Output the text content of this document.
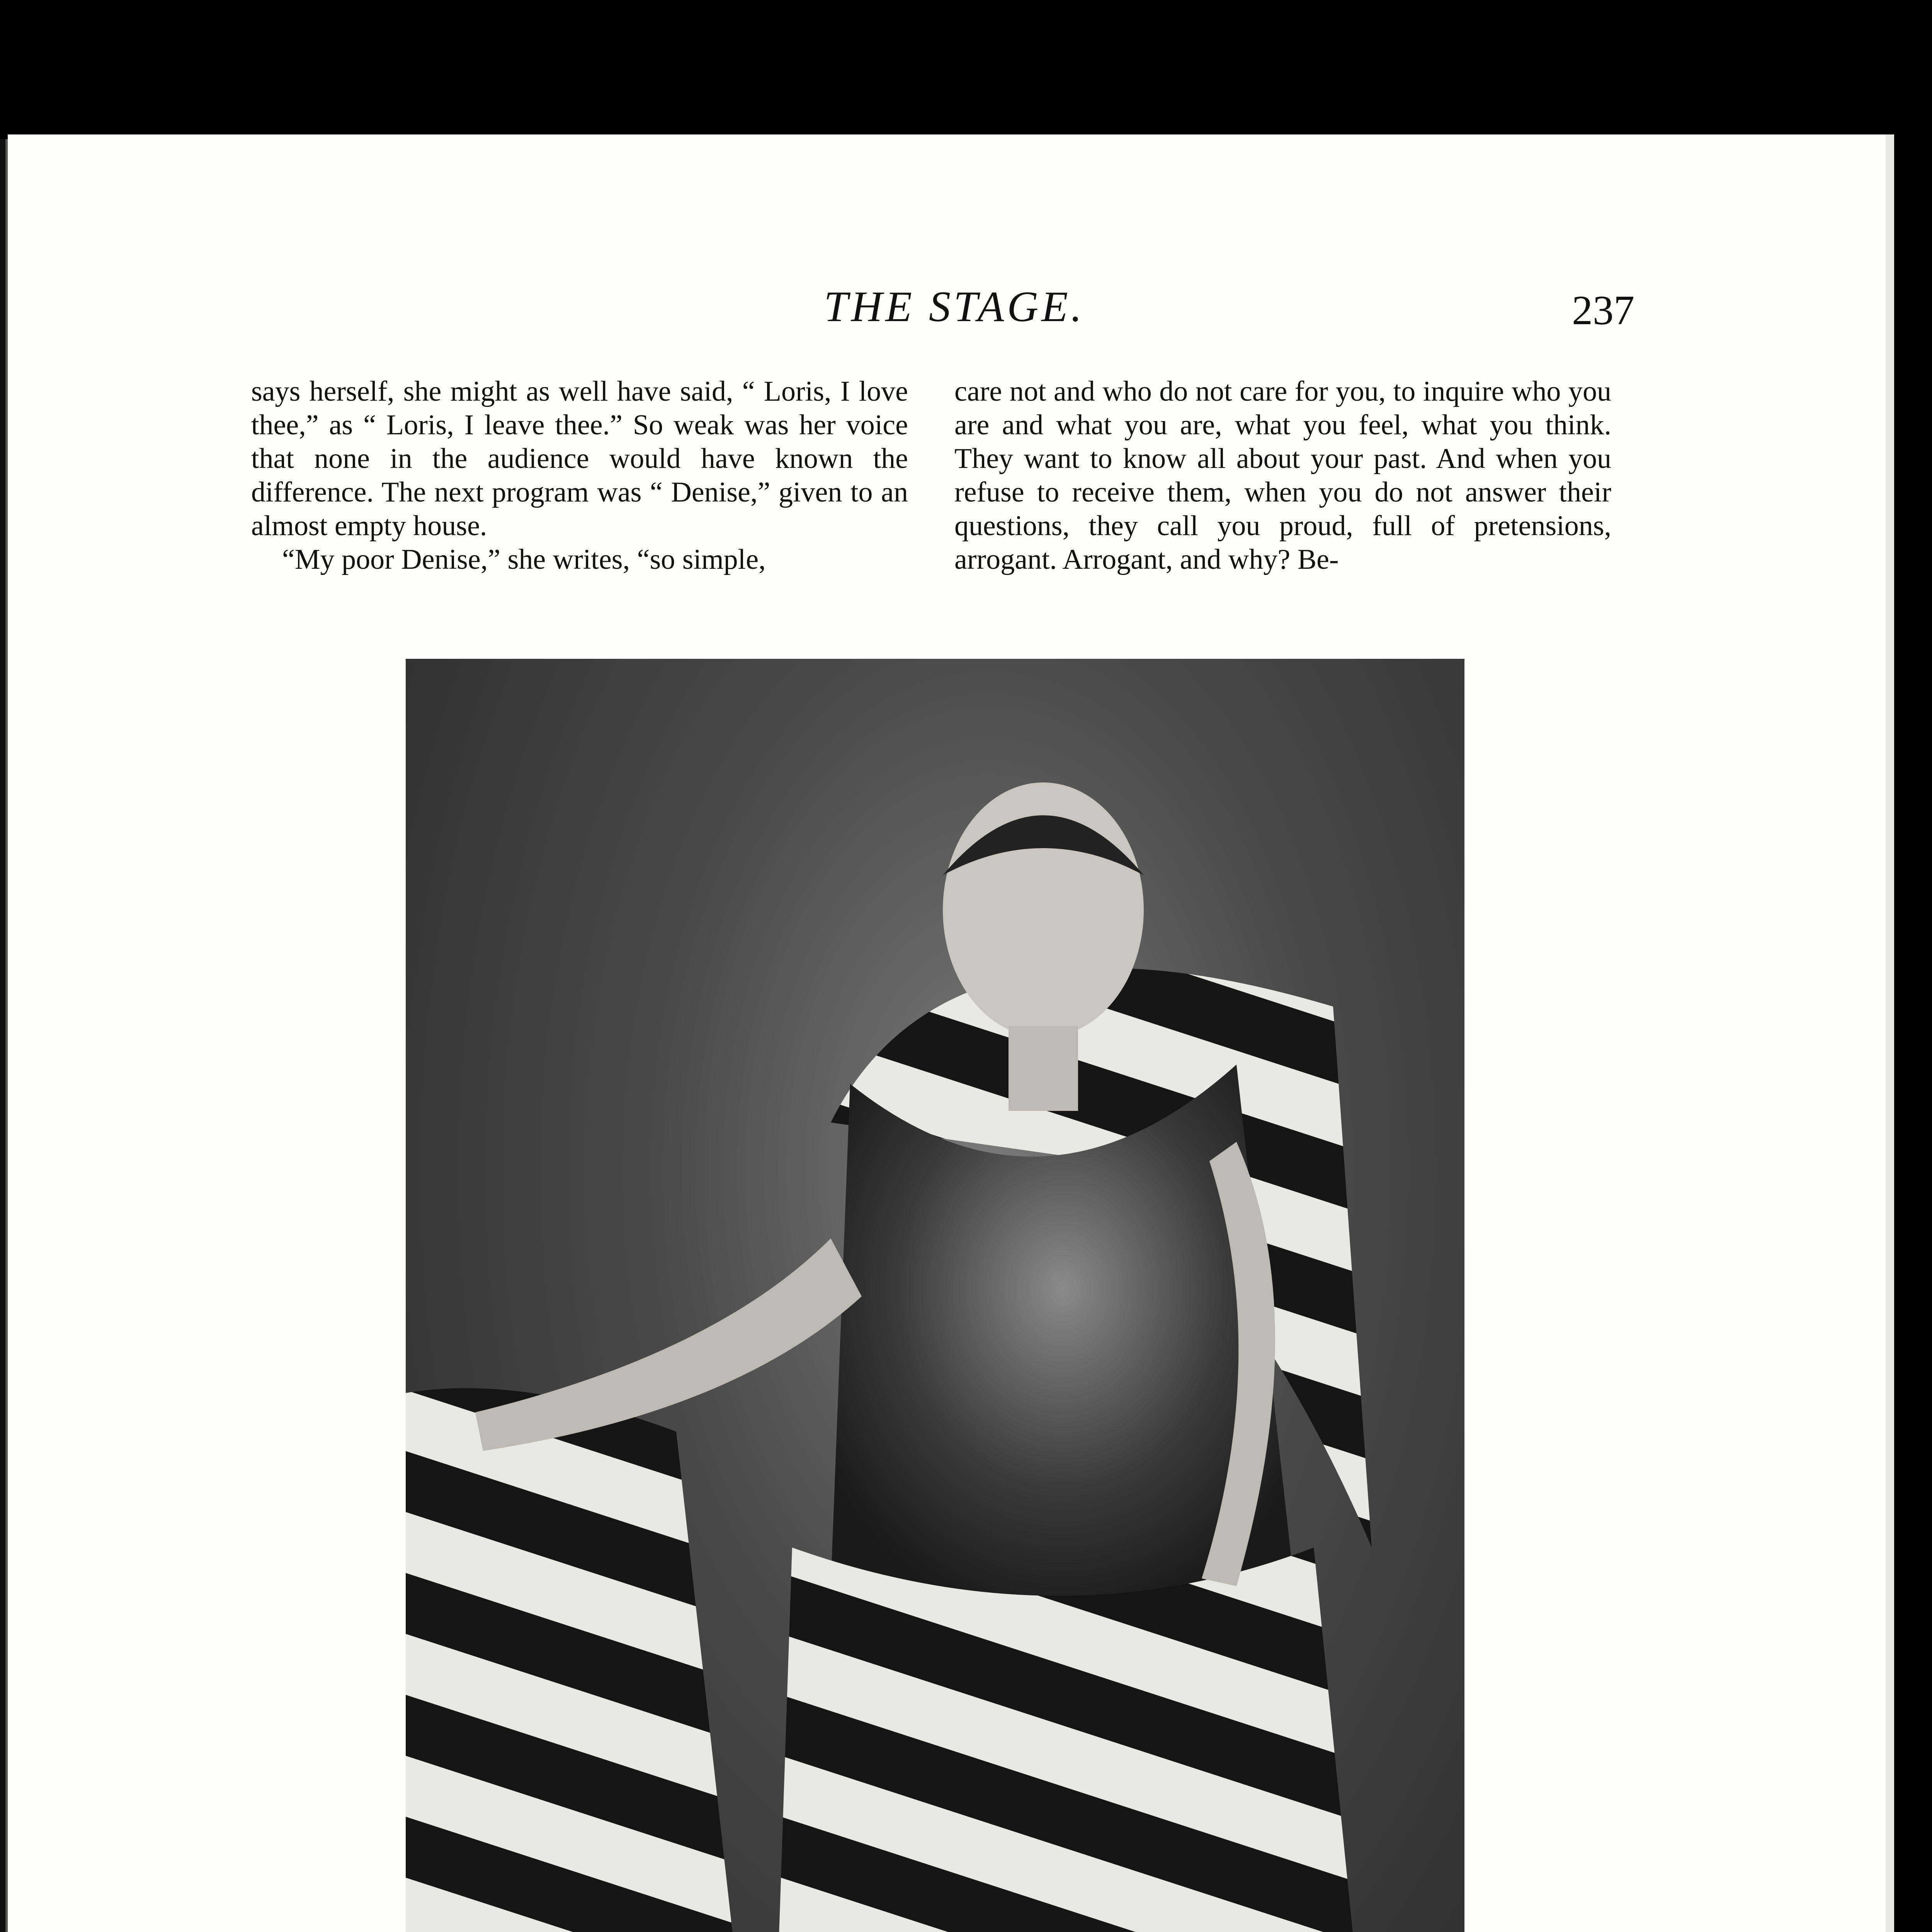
THE STAGE.	237

says herself, she might as well have said, “ Loris, I love thee,” as “ Loris, I leave thee.” So weak was her voice that none in the audience would have known the difference. The next program was “ Denise,” given to an almost empty house.

“My poor Denise,” she writes, “so simple,

care not and who do not care for you, to inquire who you are and what you are, what you feel, what you think. They want to know all about your past. And when you refuse to receive them, when you do not answer their questions, they call you proud, full of pretensions, arrogant. Arrogant, and why? Be-
